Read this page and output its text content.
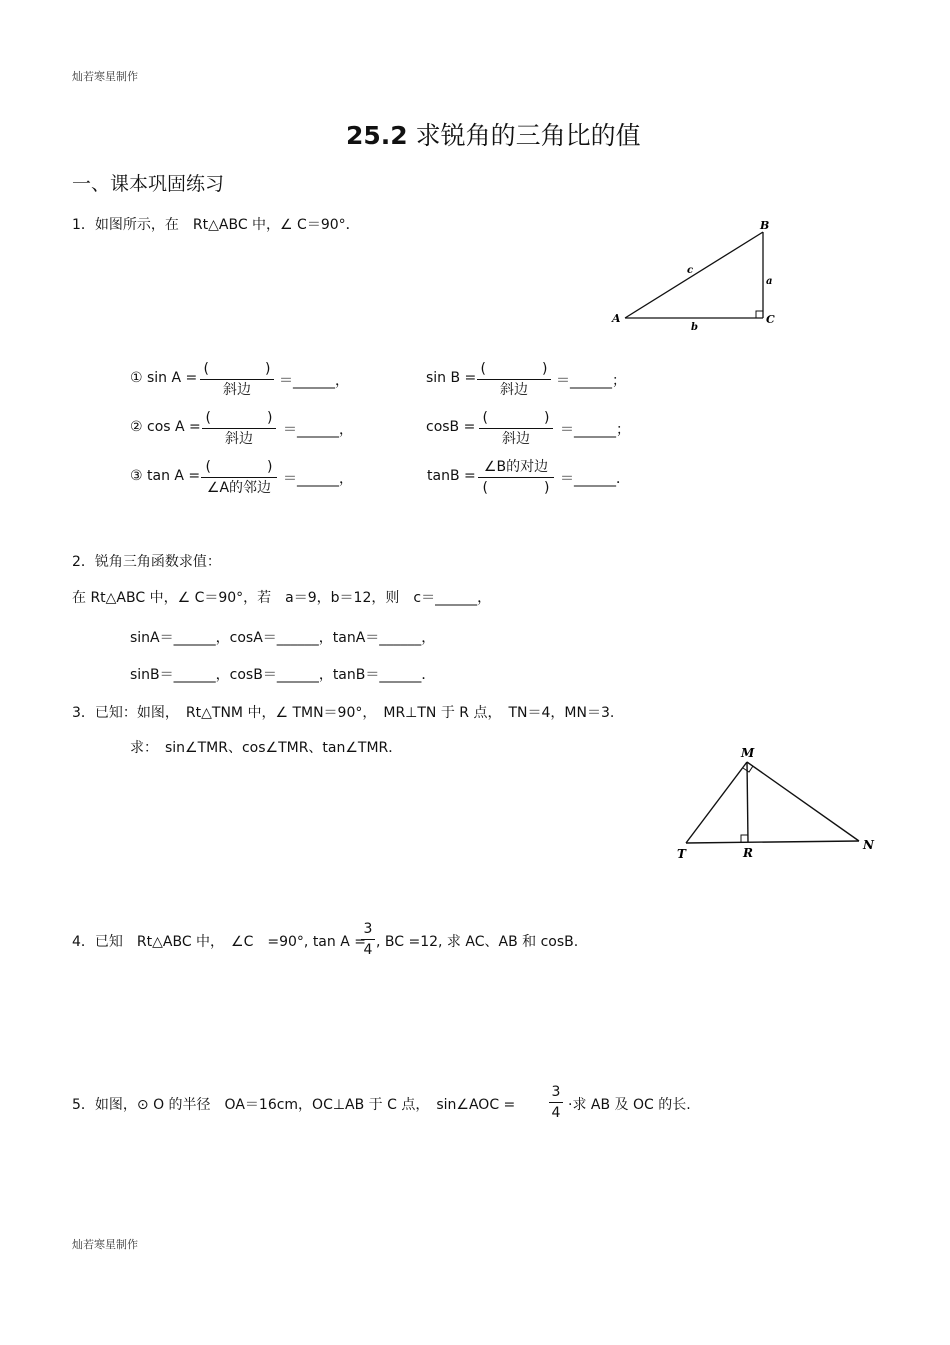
灿若寒星制作
灿若寒星制作
25.2 求锐角的三角比的值
一、课本巩固练习
1．如图所示，在　Rt△ABC 中，∠ C＝90°．
A
B
C
a
b
c
① sin A =
(　　　　)
斜边
＝______，	sin B =
(　　　　)
斜边
＝______；
② cos A =
(　　　　)
斜边
＝______，	cosB =
(　　　　)
斜边
＝______；
③ tan A =
(　　　　)
∠A的邻边
＝______，	tanB =
∠B的对边
(　　　　)
＝______．
2．锐角三角函数求值：
在 Rt△ABC 中，∠ C＝90°，若　a＝9，b＝12，则　c＝______，
sinA＝______，cosA＝______，tanA＝______，
sinB＝______，cosB＝______，tanB＝______．
3．已知：如图，　Rt△TNM 中，∠ TMN＝90°，　MR⊥TN 于 R 点，　TN＝4，MN＝3.
求：　sin∠TMR、cos∠TMR、tan∠TMR．	M
T	R
N
4．已知　Rt△ABC 中，　∠C　=90°, tan A =
3
4 , BC =12, 求 AC、AB 和 cosB.
5．如图，⊙ O 的半径　OA＝16cm，OC⊥AB 于 C 点，　sin∠AOC =
3
4 ·求 AB 及 OC 的长.
